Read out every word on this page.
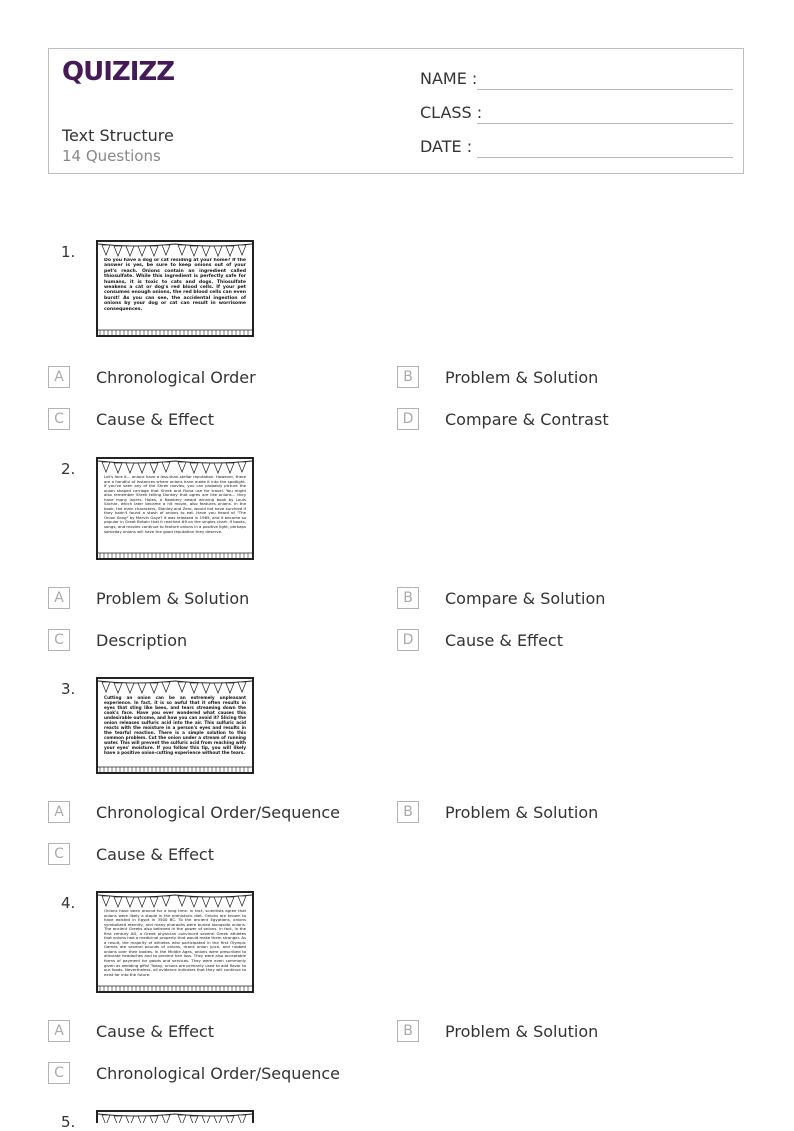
QUIZIZZ
Text Structure
14 Questions
NAME :
CLASS :
DATE :
1.	Do you have a dog or cat residing at your home? If the answer is yes, be sure to keep onions out of your pet's reach. Onions contain an ingredient called thiosulfate. While this ingredient is perfectly safe for humans, it is toxic to cats and dogs. Thiosulfate weakens a cat or dog's red blood cells. If your pet consumes enough onions, the red blood cells can even burst! As you can see, the accidental ingestion of onions by your dog or cat can result in worrisome consequences.
A	Chronological Order	B	Problem & Solution
C	Cause & Effect	D	Compare & Contrast
2.	Let's face it... onions have a less-than-stellar reputation. However, there are a handful of instances where onions have made it into the spotlight. If you've seen any of the Shrek movies, you can probably picture the onion shaped carriage that Shrek and Fiona use for travel. You might also remember Shrek telling Donkey that ogres are like onions... they have many layers. Holes, a Newbery award winning book by Louis Sachar, which later became a hit movie, also features onions. In the book, the main characters, Stanley and Zero, would not have survived if they hadn't found a stash of onions to eat. Have you heard of "The Onion Song" by Marvin Gaye? It was released in 1969, and it became so popular in Great Britain that it reached #9 on the singles chart. If books, songs, and movies continue to feature onions in a positive light, perhaps someday onions will have the good reputation they deserve.
A	Problem & Solution	B	Compare & Solution
C	Description	D	Cause & Effect
3.	Cutting an onion can be an extremely unpleasant experience. In fact, it is so awful that it often results in eyes that sting like bees, and tears streaming down the cook's face. Have you ever wondered what causes this undesirable outcome, and how you can avoid it? Slicing the onion releases sulfuric acid into the air. This sulfuric acid reacts with the moisture in a person's eyes and results in the tearful reaction. There is a simple solution to this common problem. Cut the onion under a stream of running water. This will prevent the sulfuric acid from reaching with your eyes' moisture. If you follow this tip, you will likely have a positive onion-cutting experience without the tears.
A	Chronological Order/Sequence	B	Problem & Solution
C	Cause & Effect
4.	Onions have been around for a long time. In fact, scientists agree that onions were likely a staple in the prehistoric diet. Onions are known to have existed in Egypt in 3500 BC. To the ancient Egyptians, onions symbolized eternity, and many pharaohs were buried alongside onions. The ancient Greeks also believed in the power of onions. In fact, in the first century AD, a Greek physician convinced several Greek athletes that onions had a medicinal property that would make them stronger. As a result, the majority of athletes who participated in the first Olympic Games ate several pounds of onions, drank onion juice, and rubbed onions over their bodies. In the Middle Ages, onions were prescribed to alleviate headaches and to prevent hair loss. They were also acceptable forms of payment for goods and services. They were even commonly given as wedding gifts! Today, onions are primarily used to add flavor to our foods. Nevertheless, all evidence indicates that they will continue to exist far into the future.
A	Cause & Effect	B	Problem & Solution
C	Chronological Order/Sequence
5.
